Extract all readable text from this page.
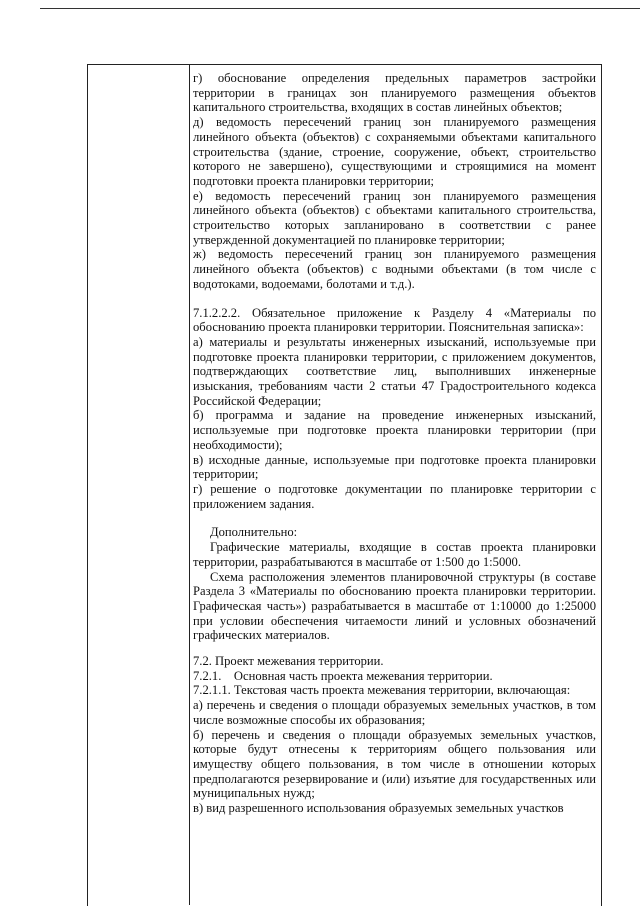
г) обоснование определения предельных параметров застройки территории в границах зон планируемого размещения объектов капитального строительства, входящих в состав линейных объектов;

д) ведомость пересечений границ зон планируемого размещения линейного объекта (объектов) с сохраняемыми объектами капитального строительства (здание, строение, сооружение, объект, строительство которого не завершено), существующими и строящимися на момент подготовки проекта планировки территории;

е) ведомость пересечений границ зон планируемого размещения линейного объекта (объектов) с объектами капитального строительства, строительство которых запланировано в соответствии с ранее утвержденной документацией по планировке территории;

ж) ведомость пересечений границ зон планируемого размещения линейного объекта (объектов) с водными объектами (в том числе с водотоками, водоемами, болотами и т.д.).

7.1.2.2.2. Обязательное приложение к Разделу 4 «Материалы по обоснованию проекта планировки территории. Пояснительная записка»:

а) материалы и результаты инженерных изысканий, используемые при подготовке проекта планировки территории, с приложением документов, подтверждающих соответствие лиц, выполнивших инженерные изыскания, требованиям части 2 статьи 47 Градостроительного кодекса Российской Федерации;

б) программа и задание на проведение инженерных изысканий, используемые при подготовке проекта планировки территории (при необходимости);

в) исходные данные, используемые при подготовке проекта планировки территории;

г) решение о подготовке документации по планировке территории с приложением задания.

Дополнительно:

Графические материалы, входящие в состав проекта планировки территории, разрабатываются в масштабе от 1:500 до 1:5000.

Схема расположения элементов планировочной структуры (в составе Раздела 3 «Материалы по обоснованию проекта планировки территории. Графическая часть») разрабатывается в масштабе от 1:10000 до 1:25000 при условии обеспечения читаемости линий и условных обозначений графических материалов.

7.2. Проект межевания территории.

7.2.1.    Основная часть проекта межевания территории.

7.2.1.1. Текстовая часть проекта межевания территории, включающая:

а) перечень и сведения о площади образуемых земельных участков, в том числе возможные способы их образования;

б) перечень и сведения о площади образуемых земельных участков, которые будут отнесены к территориям общего пользования или имуществу общего пользования, в том числе в отношении которых предполагаются резервирование и (или) изъятие для государственных или муниципальных нужд;

в) вид разрешенного использования образуемых земельных участков
